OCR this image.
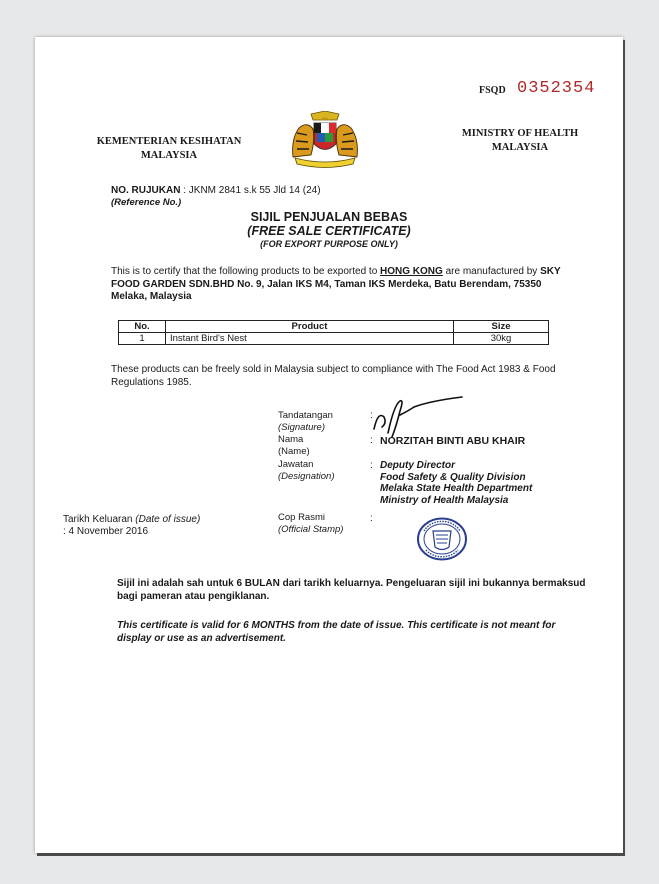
FSQD 0352354
KEMENTERIAN KESIHATAN MALAYSIA
MINISTRY OF HEALTH MALAYSIA
NO. RUJUKAN : JKNM 2841 s.k 55 Jld 14 (24)
(Reference No.)
SIJIL PENJUALAN BEBAS
(FREE SALE CERTIFICATE)
(FOR EXPORT PURPOSE ONLY)
This is to certify that the following products to be exported to HONG KONG are manufactured by SKY FOOD GARDEN SDN.BHD No. 9, Jalan IKS M4, Taman IKS Merdeka, Batu Berendam, 75350 Melaka, Malaysia
No.	Product	Size
1	Instant Bird's Nest	30kg
These products can be freely sold in Malaysia subject to compliance with The Food Act 1983 & Food Regulations 1985.
Tandatangan
(Signature)
:
Nama
(Name)
: NORZITAH BINTI ABU KHAIR
Jawatan
(Designation)
: Deputy Director
Food Safety & Quality Division
Melaka State Health Department
Ministry of Health Malaysia
Cop Rasmi
(Official Stamp)
:
Tarikh Keluaran (Date of issue)
: 4 November 2016
Sijil ini adalah sah untuk 6 BULAN dari tarikh keluarnya. Pengeluaran sijil ini bukannya bermaksud bagi pameran atau pengiklanan.
This certificate is valid for 6 MONTHS from the date of issue. This certificate is not meant for display or use as an advertisement.
